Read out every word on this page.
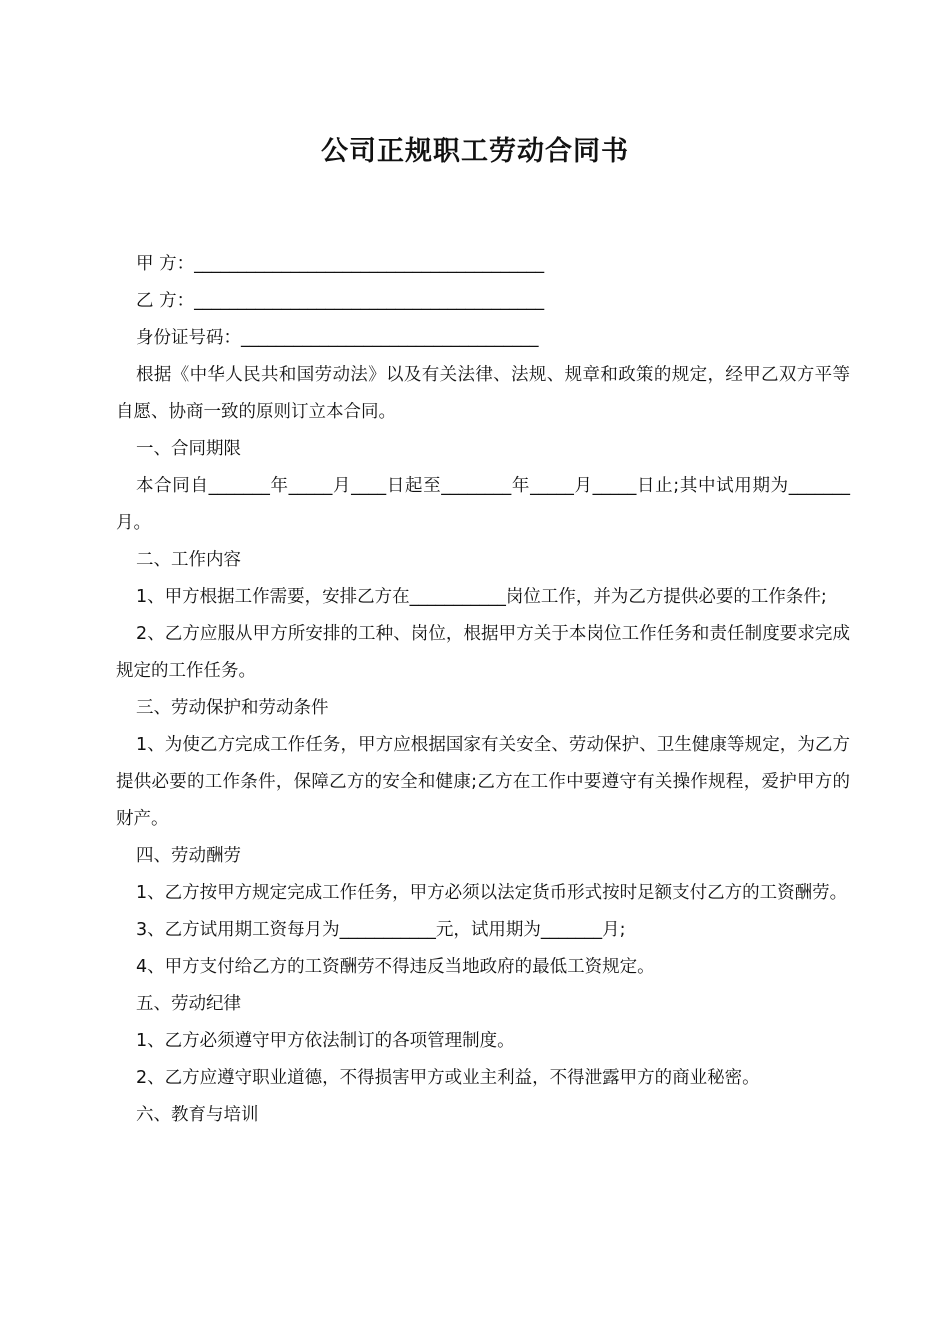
公司正规职工劳动合同书
甲 方：________________________________________
乙 方：________________________________________
身份证号码：__________________________________
根据《中华人民共和国劳动法》以及有关法律、法规、规章和政策的规定，经甲乙双方平等自愿、协商一致的原则订立本合同。
一、合同期限
本合同自_______年_____月____日起至________年_____月_____日止;其中试用期为_______月。
二、工作内容
1、甲方根据工作需要，安排乙方在___________岗位工作，并为乙方提供必要的工作条件;
2、乙方应服从甲方所安排的工种、岗位，根据甲方关于本岗位工作任务和责任制度要求完成规定的工作任务。
三、劳动保护和劳动条件
1、为使乙方完成工作任务，甲方应根据国家有关安全、劳动保护、卫生健康等规定，为乙方提供必要的工作条件，保障乙方的安全和健康;乙方在工作中要遵守有关操作规程，爱护甲方的财产。
四、劳动酬劳
1、乙方按甲方规定完成工作任务，甲方必须以法定货币形式按时足额支付乙方的工资酬劳。
3、乙方试用期工资每月为___________元，试用期为_______月;
4、甲方支付给乙方的工资酬劳不得违反当地政府的最低工资规定。
五、劳动纪律
1、乙方必须遵守甲方依法制订的各项管理制度。
2、乙方应遵守职业道德，不得损害甲方或业主利益，不得泄露甲方的商业秘密。
六、教育与培训
